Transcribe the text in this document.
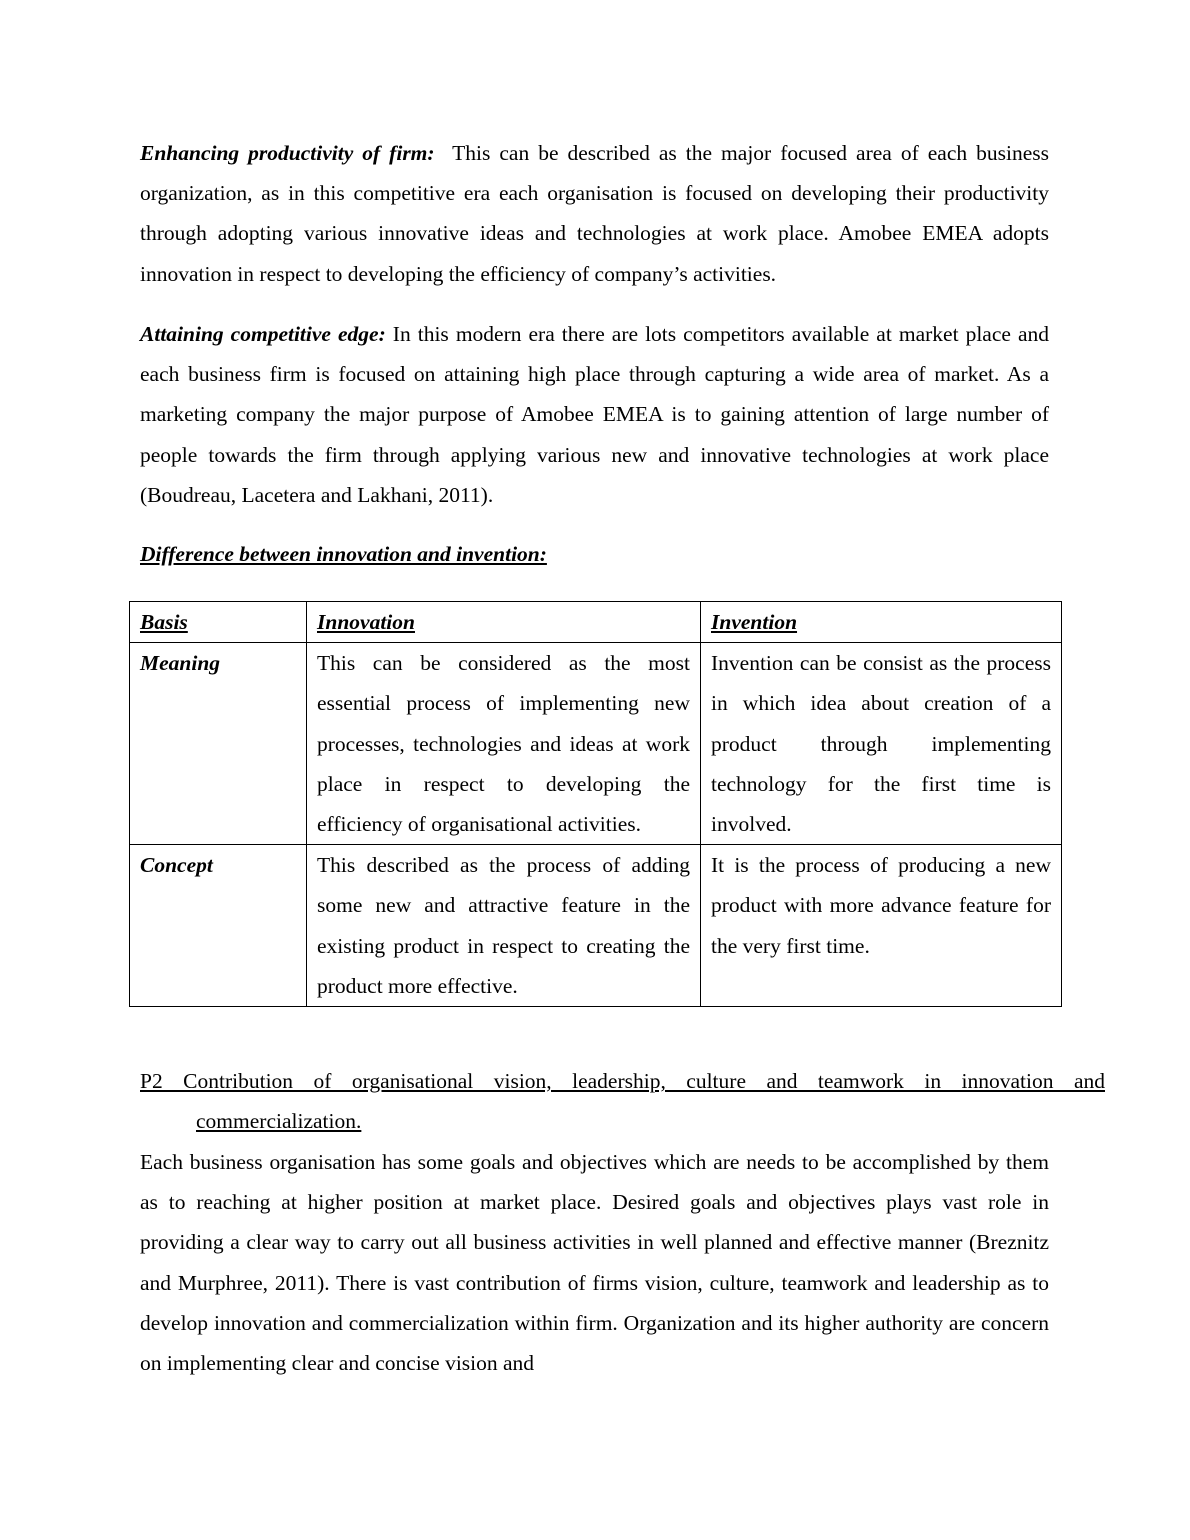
Enhancing productivity of firm: This can be described as the major focused area of each business organization, as in this competitive era each organisation is focused on developing their productivity through adopting various innovative ideas and technologies at work place. Amobee EMEA adopts innovation in respect to developing the efficiency of company’s activities.

Attaining competitive edge: In this modern era there are lots competitors available at market place and each business firm is focused on attaining high place through capturing a wide area of market. As a marketing company the major purpose of Amobee EMEA is to gaining attention of large number of people towards the firm through applying various new and innovative technologies at work place (Boudreau, Lacetera and Lakhani, 2011).

Difference between innovation and invention:

Basis	Innovation	Invention
Meaning	This can be considered as the most essential process of implementing new processes, technologies and ideas at work place in respect to developing the efficiency of organisational activities.	Invention can be consist as the process in which idea about creation of a product through implementing technology for the first time is involved.
Concept	This described as the process of adding some new and attractive feature in the existing product in respect to creating the product more effective.	It is the process of producing a new product with more advance feature for the very first time.

P2 Contribution of organisational vision, leadership, culture and teamwork in innovation and commercialization.

Each business organisation has some goals and objectives which are needs to be accomplished by them as to reaching at higher position at market place. Desired goals and objectives plays vast role in providing a clear way to carry out all business activities in well planned and effective manner (Breznitz and Murphree, 2011). There is vast contribution of firms vision, culture, teamwork and leadership as to develop innovation and commercialization within firm. Organization and its higher authority are concern on implementing clear and concise vision and
